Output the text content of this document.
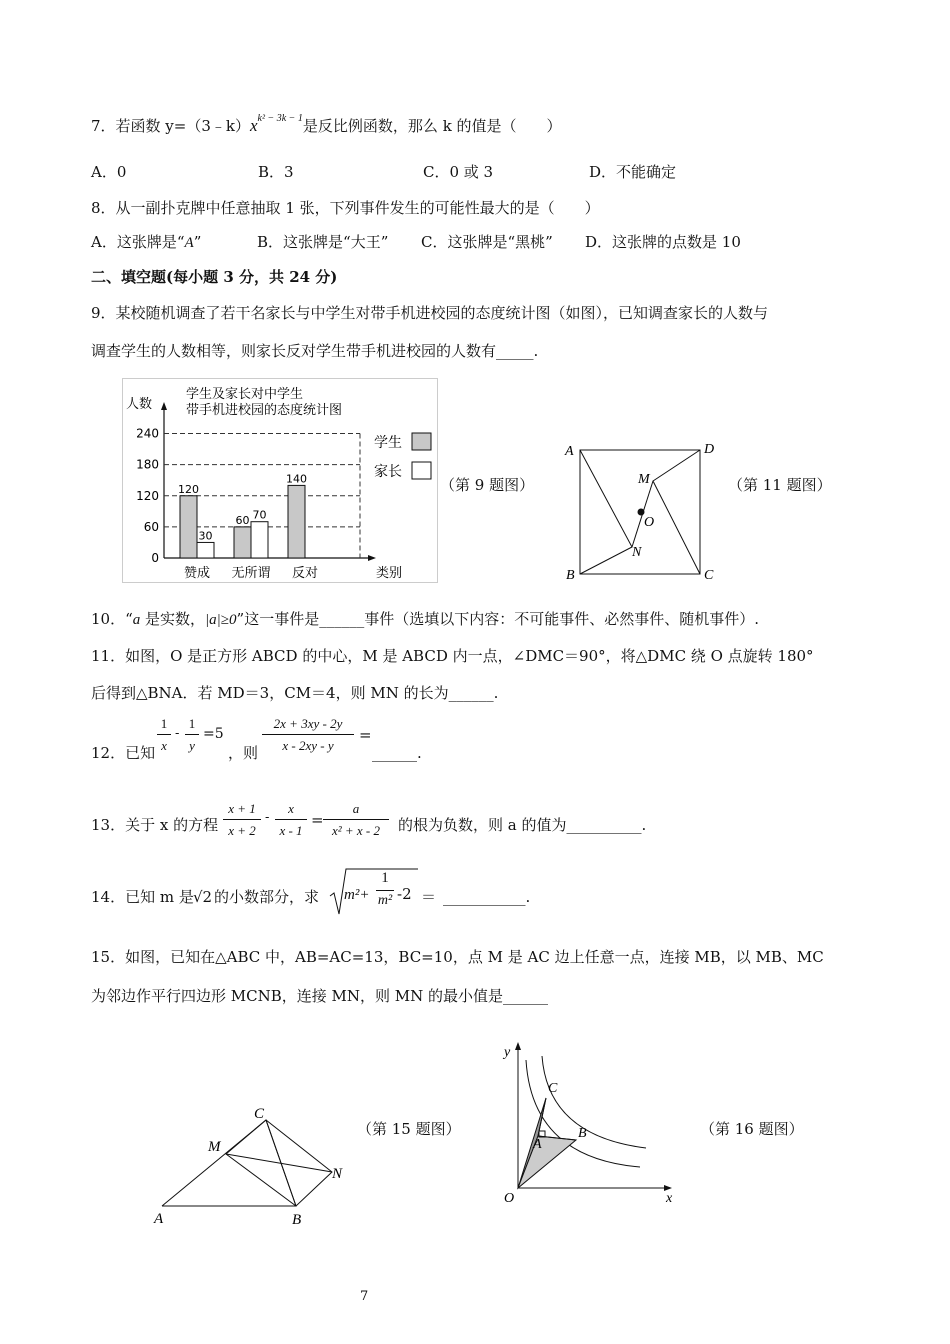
7．若函数 $y=(3﹣k)x^{k^2 - 3k - 1}$是反比例函数，那么 k 的值是（　　）
A．0	B．3	C．0 或 3	D．不能确定
8．从一副扑克牌中任意抽取 1 张，下列事件发生的可能性最大的是（　　）
A．这张牌是“A”	B．这张牌是“大王” C．这张牌是“黑桃” D．这张牌的点数是 10
二、填空题(每小题 3 分，共 24 分)
9．某校随机调查了若干名家长与中学生对带手机进校园的态度统计图（如图），已知调查家长的人数与
调查学生的人数相等，则家长反对学生带手机进校园的人数有_____.
学生及家长对中学生
带手机进校园的态度统计图
人数
类别
0
60
120
180
240
120
30
60 70
140
赞成 无所谓 反对
学生
家长
（第 9 题图）
A	D
B	C
M
O
N
（第 11 题图）
10．“a 是实数，|a|≥0”这一事件是______事件（选填以下内容：不可能事件、必然事件、随机事件）.
11．如图，O 是正方形 ABCD 的中心，M 是 ABCD 内一点，∠DMC＝90°，将△DMC 绕 O 点旋转 180°
后得到△BNA．若 MD＝3，CM＝4，则 MN 的长为______.
12．已知
1
x
-
1
y
=5
，则
2x + 3xy - 2y
x - 2xy - y
=
______.
13．关于 x 的方程
x + 1
x + 2
-
x
x - 1
=
a
x² + x - 2	的根为负数，则 a 的值为__________.
14．已知 m 是 √2 的小数部分，求 m²+
1
m² -2 ＝ ___________.
15．如图，已知在△ABC 中，AB=AC=13，BC=10，点 M 是 AC 边上任意一点，连接 MB，以 MB、MC
为邻边作平行四边形 MCNB，连接 MN，则 MN 的最小值是______
A	B
C
M
N
（第 15 题图）
y
x
O
C
A
B	（第 16 题图）
7
